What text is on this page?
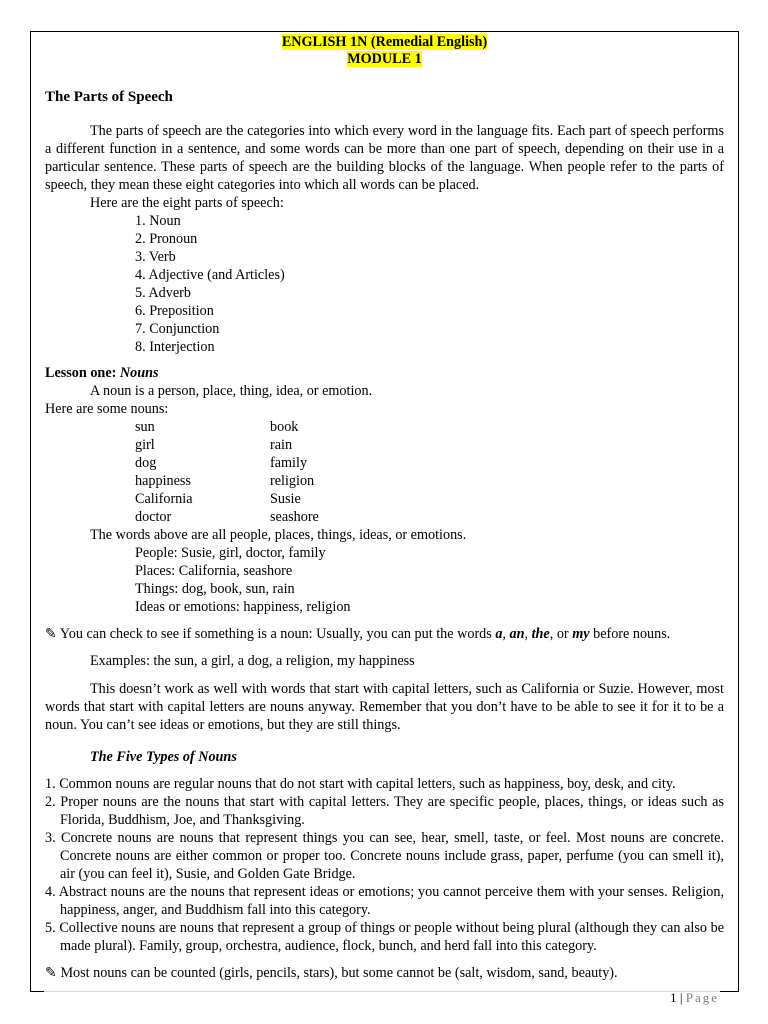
ENGLISH 1N (Remedial English)
MODULE 1
The Parts of Speech

The parts of speech are the categories into which every word in the language fits. Each part of speech performs a different function in a sentence, and some words can be more than one part of speech, depending on their use in a particular sentence. These parts of speech are the building blocks of the language. When people refer to the parts of speech, they mean these eight categories into which all words can be placed.

Here are the eight parts of speech:

1. Noun
2. Pronoun
3. Verb
4. Adjective (and Articles)
5. Adverb
6. Preposition
7. Conjunction
8. Interjection
Lesson one: Nouns

A noun is a person, place, thing, idea, or emotion.

Here are some nouns:

sun	book
girl	rain
dog	family
happiness	religion
California	Susie
doctor	seashore

The words above are all people, places, things, ideas, or emotions.

People: Susie, girl, doctor, family
Places: California, seashore
Things: dog, book, sun, rain
Ideas or emotions: happiness, religion

✎ You can check to see if something is a noun: Usually, you can put the words a, an, the, or my before nouns.

Examples: the sun, a girl, a dog, a religion, my happiness

This doesn’t work as well with words that start with capital letters, such as California or Suzie. However, most words that start with capital letters are nouns anyway. Remember that you don’t have to be able to see it for it to be a noun. You can’t see ideas or emotions, but they are still things.

The Five Types of Nouns
1. Common nouns are regular nouns that do not start with capital letters, such as happiness, boy, desk, and city.
2. Proper nouns are the nouns that start with capital letters. They are specific people, places, things, or ideas such as Florida, Buddhism, Joe, and Thanksgiving.
3. Concrete nouns are nouns that represent things you can see, hear, smell, taste, or feel. Most nouns are concrete. Concrete nouns are either common or proper too. Concrete nouns include grass, paper, perfume (you can smell it), air (you can feel it), Susie, and Golden Gate Bridge.
4. Abstract nouns are the nouns that represent ideas or emotions; you cannot perceive them with your senses. Religion, happiness, anger, and Buddhism fall into this category.
5. Collective nouns are nouns that represent a group of things or people without being plural (although they can also be made plural). Family, group, orchestra, audience, flock, bunch, and herd fall into this category.

✎ Most nouns can be counted (girls, pencils, stars), but some cannot be (salt, wisdom, sand, beauty).

1 | Page
